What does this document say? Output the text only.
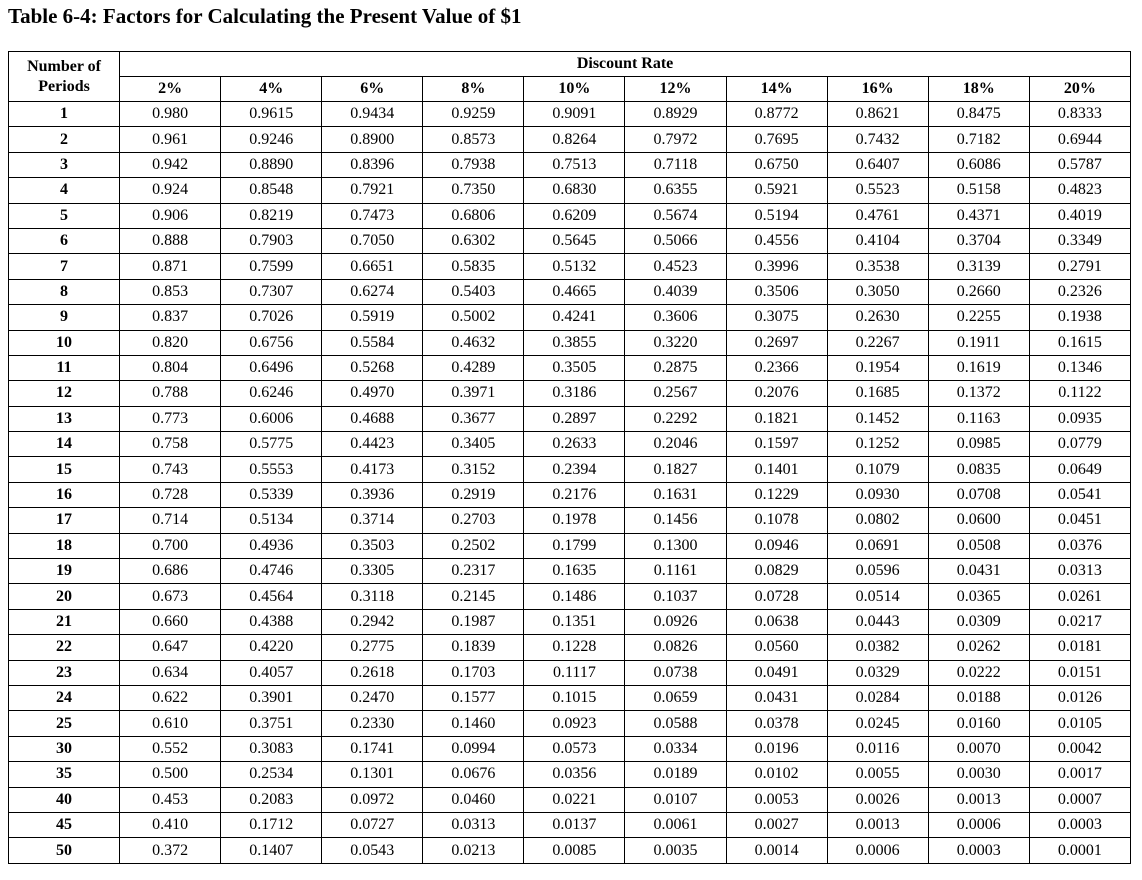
Table 6-4: Factors for Calculating the Present Value of $1
Number of
Periods	Discount Rate									
	2%	4%	6%	8%	10%	12%	14%	16%	18%	20%
1	0.980	0.9615	0.9434	0.9259	0.9091	0.8929	0.8772	0.8621	0.8475	0.8333
2	0.961	0.9246	0.8900	0.8573	0.8264	0.7972	0.7695	0.7432	0.7182	0.6944
3	0.942	0.8890	0.8396	0.7938	0.7513	0.7118	0.6750	0.6407	0.6086	0.5787
4	0.924	0.8548	0.7921	0.7350	0.6830	0.6355	0.5921	0.5523	0.5158	0.4823
5	0.906	0.8219	0.7473	0.6806	0.6209	0.5674	0.5194	0.4761	0.4371	0.4019
6	0.888	0.7903	0.7050	0.6302	0.5645	0.5066	0.4556	0.4104	0.3704	0.3349
7	0.871	0.7599	0.6651	0.5835	0.5132	0.4523	0.3996	0.3538	0.3139	0.2791
8	0.853	0.7307	0.6274	0.5403	0.4665	0.4039	0.3506	0.3050	0.2660	0.2326
9	0.837	0.7026	0.5919	0.5002	0.4241	0.3606	0.3075	0.2630	0.2255	0.1938
10	0.820	0.6756	0.5584	0.4632	0.3855	0.3220	0.2697	0.2267	0.1911	0.1615
11	0.804	0.6496	0.5268	0.4289	0.3505	0.2875	0.2366	0.1954	0.1619	0.1346
12	0.788	0.6246	0.4970	0.3971	0.3186	0.2567	0.2076	0.1685	0.1372	0.1122
13	0.773	0.6006	0.4688	0.3677	0.2897	0.2292	0.1821	0.1452	0.1163	0.0935
14	0.758	0.5775	0.4423	0.3405	0.2633	0.2046	0.1597	0.1252	0.0985	0.0779
15	0.743	0.5553	0.4173	0.3152	0.2394	0.1827	0.1401	0.1079	0.0835	0.0649
16	0.728	0.5339	0.3936	0.2919	0.2176	0.1631	0.1229	0.0930	0.0708	0.0541
17	0.714	0.5134	0.3714	0.2703	0.1978	0.1456	0.1078	0.0802	0.0600	0.0451
18	0.700	0.4936	0.3503	0.2502	0.1799	0.1300	0.0946	0.0691	0.0508	0.0376
19	0.686	0.4746	0.3305	0.2317	0.1635	0.1161	0.0829	0.0596	0.0431	0.0313
20	0.673	0.4564	0.3118	0.2145	0.1486	0.1037	0.0728	0.0514	0.0365	0.0261
21	0.660	0.4388	0.2942	0.1987	0.1351	0.0926	0.0638	0.0443	0.0309	0.0217
22	0.647	0.4220	0.2775	0.1839	0.1228	0.0826	0.0560	0.0382	0.0262	0.0181
23	0.634	0.4057	0.2618	0.1703	0.1117	0.0738	0.0491	0.0329	0.0222	0.0151
24	0.622	0.3901	0.2470	0.1577	0.1015	0.0659	0.0431	0.0284	0.0188	0.0126
25	0.610	0.3751	0.2330	0.1460	0.0923	0.0588	0.0378	0.0245	0.0160	0.0105
30	0.552	0.3083	0.1741	0.0994	0.0573	0.0334	0.0196	0.0116	0.0070	0.0042
35	0.500	0.2534	0.1301	0.0676	0.0356	0.0189	0.0102	0.0055	0.0030	0.0017
40	0.453	0.2083	0.0972	0.0460	0.0221	0.0107	0.0053	0.0026	0.0013	0.0007
45	0.410	0.1712	0.0727	0.0313	0.0137	0.0061	0.0027	0.0013	0.0006	0.0003
50	0.372	0.1407	0.0543	0.0213	0.0085	0.0035	0.0014	0.0006	0.0003	0.0001
